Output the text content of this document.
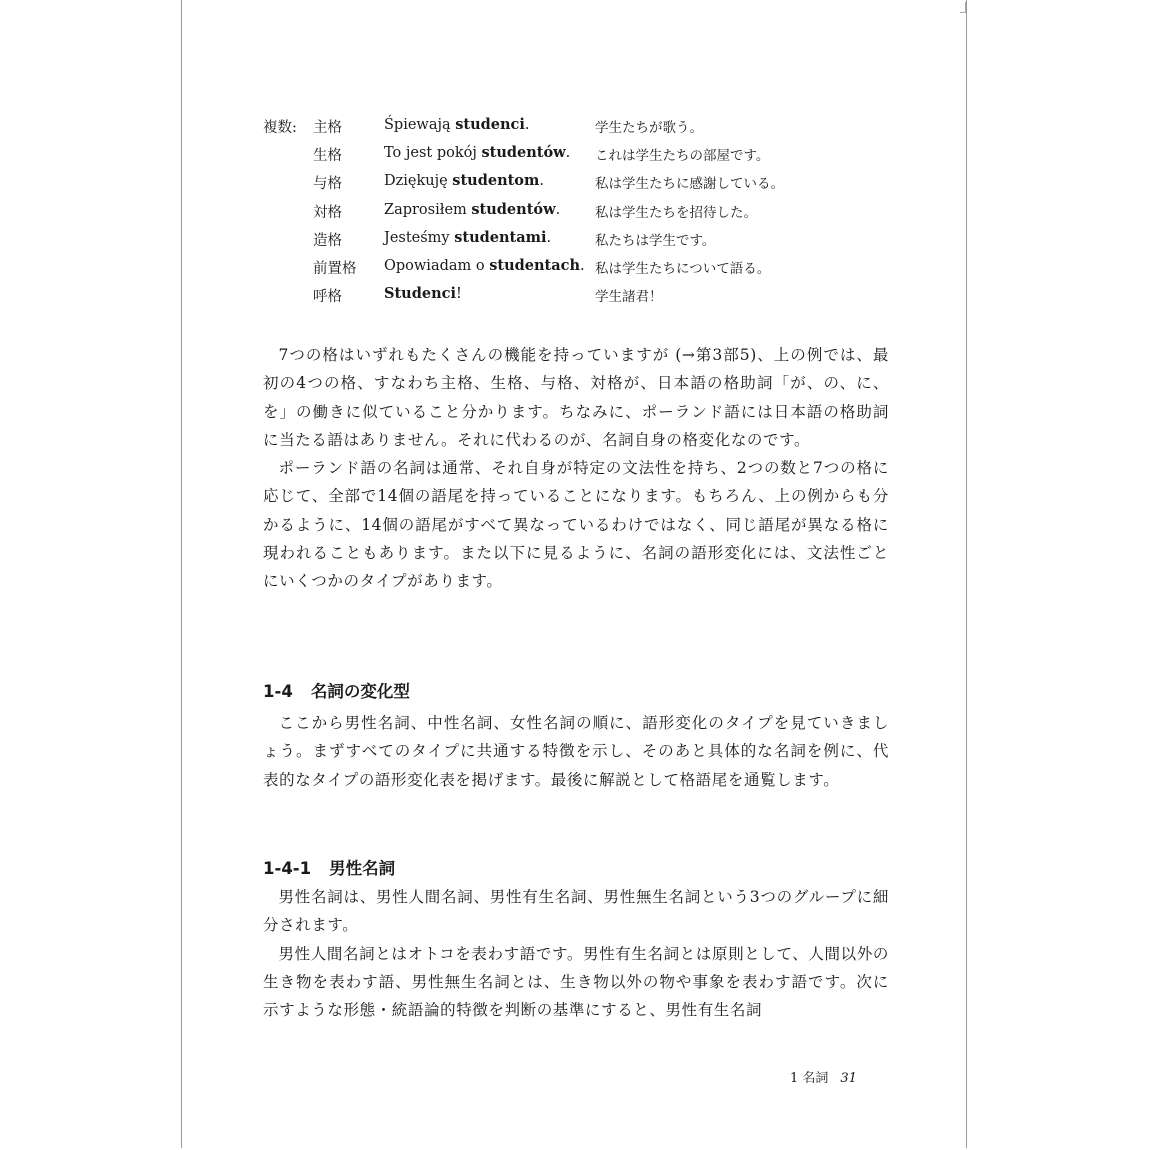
複数: 主格	Śpiewają studenci.	学生たちが歌う。
生格	To jest pokój studentów. これは学生たちの部屋です。
与格	Dziękuję studentom.	私は学生たちに感謝している。
対格	Zaprosiłem studentów.	私は学生たちを招待した。
造格	Jesteśmy studentami.	私たちは学生です。
前置格 Opowiadam o studentach. 私は学生たちについて語る。
呼格	Studenci!	学生諸君！

7つの格はいずれもたくさんの機能を持っていますが (→第3部5)、上の例では、最初の4つの格、すなわち主格、生格、与格、対格が、日本語の格助詞「が、の、に、を」の働きに似ていること分かります。ちなみに、ポーランド語には日本語の格助詞に当たる語はありません。それに代わるのが、名詞自身の格変化なのです。

ポーランド語の名詞は通常、それ自身が特定の文法性を持ち、2つの数と7つの格に応じて、全部で14個の語尾を持っていることになります。もちろん、上の例からも分かるように、14個の語尾がすべて異なっているわけではなく、同じ語尾が異なる格に現われることもあります。また以下に見るように、名詞の語形変化には、文法性ごとにいくつかのタイプがあります。

1-4 名詞の変化型

ここから男性名詞、中性名詞、女性名詞の順に、語形変化のタイプを見ていきましょう。まずすべてのタイプに共通する特徴を示し、そのあと具体的な名詞を例に、代表的なタイプの語形変化表を掲げます。最後に解説として格語尾を通覧します。

1-4-1 男性名詞

男性名詞は、男性人間名詞、男性有生名詞、男性無生名詞という3つのグループに細分されます。

男性人間名詞とはオトコを表わす語です。男性有生名詞とは原則として、人間以外の生き物を表わす語、男性無生名詞とは、生き物以外の物や事象を表わす語です。次に示すような形態・統語論的特徴を判断の基準にすると、男性有生名詞

1 名詞 31
